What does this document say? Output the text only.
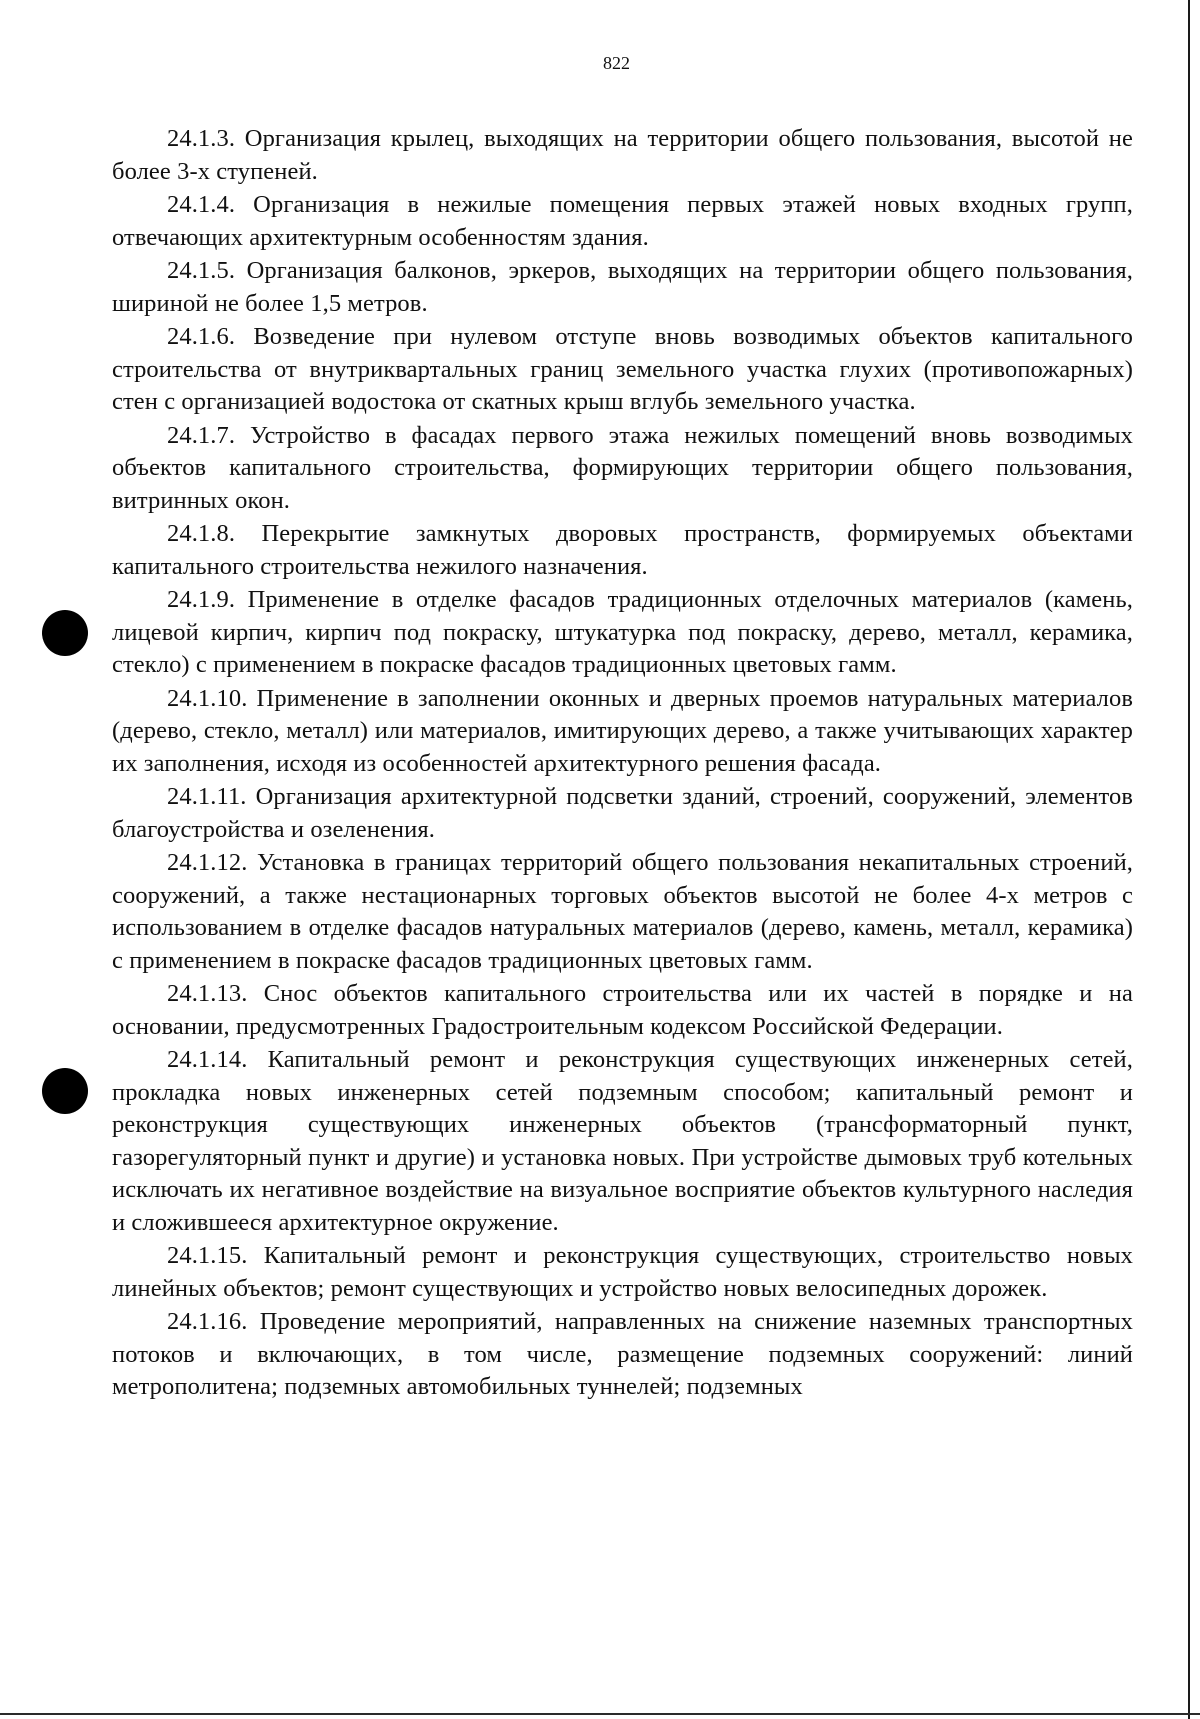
822

24.1.3. Организация крылец, выходящих на территории общего пользования, высотой не более 3-х ступеней.

24.1.4. Организация в нежилые помещения первых этажей новых входных групп, отвечающих архитектурным особенностям здания.

24.1.5. Организация балконов, эркеров, выходящих на территории общего пользования, шириной не более 1,5 метров.

24.1.6. Возведение при нулевом отступе вновь возводимых объектов капитального строительства от внутриквартальных границ земельного участка глухих (противопожарных) стен с организацией водостока от скатных крыш вглубь земельного участка.

24.1.7. Устройство в фасадах первого этажа нежилых помещений вновь возводимых объектов капитального строительства, формирующих территории общего пользования, витринных окон.

24.1.8. Перекрытие замкнутых дворовых пространств, формируемых объектами капитального строительства нежилого назначения.

24.1.9. Применение в отделке фасадов традиционных отделочных материалов (камень, лицевой кирпич, кирпич под покраску, штукатурка под покраску, дерево, металл, керамика, стекло) с применением в покраске фасадов традиционных цветовых гамм.

24.1.10. Применение в заполнении оконных и дверных проемов натуральных материалов (дерево, стекло, металл) или материалов, имитирующих дерево, а также учитывающих характер их заполнения, исходя из особенностей архитектурного решения фасада.

24.1.11. Организация архитектурной подсветки зданий, строений, сооружений, элементов благоустройства и озеленения.

24.1.12. Установка в границах территорий общего пользования некапитальных строений, сооружений, а также нестационарных торговых объектов высотой не более 4-х метров с использованием в отделке фасадов натуральных материалов (дерево, камень, металл, керамика) с применением в покраске фасадов традиционных цветовых гамм.

24.1.13. Снос объектов капитального строительства или их частей в порядке и на основании, предусмотренных Градостроительным кодексом Российской Федерации.

24.1.14. Капитальный ремонт и реконструкция существующих инженерных сетей, прокладка новых инженерных сетей подземным способом; капитальный ремонт и реконструкция существующих инженерных объектов (трансформаторный пункт, газорегуляторный пункт и другие) и установка новых. При устройстве дымовых труб котельных исключать их негативное воздействие на визуальное восприятие объектов культурного наследия и сложившееся архитектурное окружение.

24.1.15. Капитальный ремонт и реконструкция существующих, строительство новых линейных объектов; ремонт существующих и устройство новых велосипедных дорожек.

24.1.16. Проведение мероприятий, направленных на снижение наземных транспортных потоков и включающих, в том числе, размещение подземных сооружений: линий метрополитена; подземных автомобильных туннелей; подземных
